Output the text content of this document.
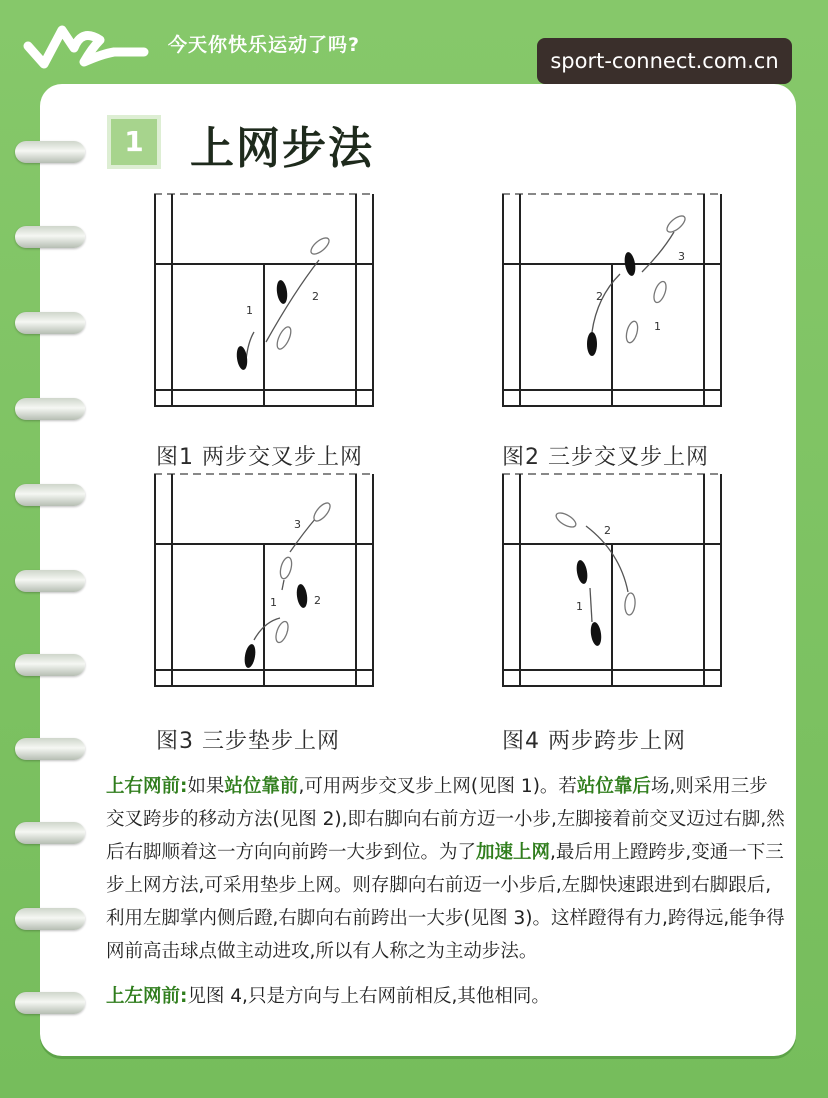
今天你快乐运动了吗?
sport-connect.com.cn
1	上网步法
1
2
图1 两步交叉步上网
1
2
3
图2 三步交叉步上网
1	2
3
图3 三步垫步上网
1
2
图4 两步跨步上网

上右网前:如果站位靠前,可用两步交叉步上网(见图 1)。若站位靠后场,则采用三步交叉跨步的移动方法(见图 2),即右脚向右前方迈一小步,左脚接着前交叉迈过右脚,然后右脚顺着这一方向向前跨一大步到位。为了加速上网,最后用上蹬跨步,变通一下三步上网方法,可采用垫步上网。则存脚向右前迈一小步后,左脚快速跟进到右脚跟后,利用左脚掌内侧后蹬,右脚向右前跨出一大步(见图 3)。这样蹬得有力,跨得远,能争得网前高击球点做主动进攻,所以有人称之为主动步法。

上左网前:见图 4,只是方向与上右网前相反,其他相同。
